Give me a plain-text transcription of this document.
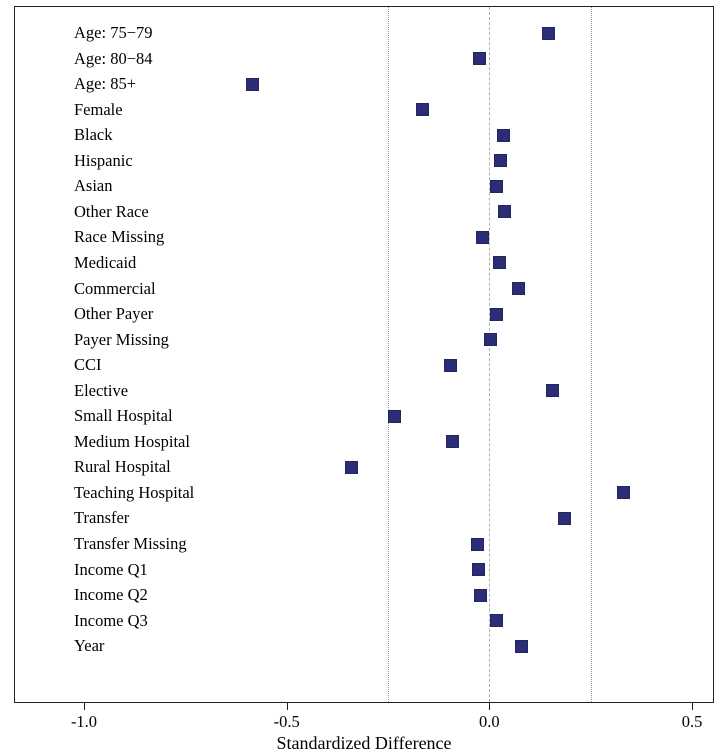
Age: 75−79
Age: 80−84
Age: 85+
Female
Black
Hispanic
Asian
Other Race
Race Missing
Medicaid
Commercial
Other Payer
Payer Missing
CCI
Elective
Small Hospital
Medium Hospital
Rural Hospital
Teaching Hospital
Transfer
Transfer Missing
Income Q1
Income Q2
Income Q3
Year
-1.0	-0.5	0.0	0.5
Standardized Difference
